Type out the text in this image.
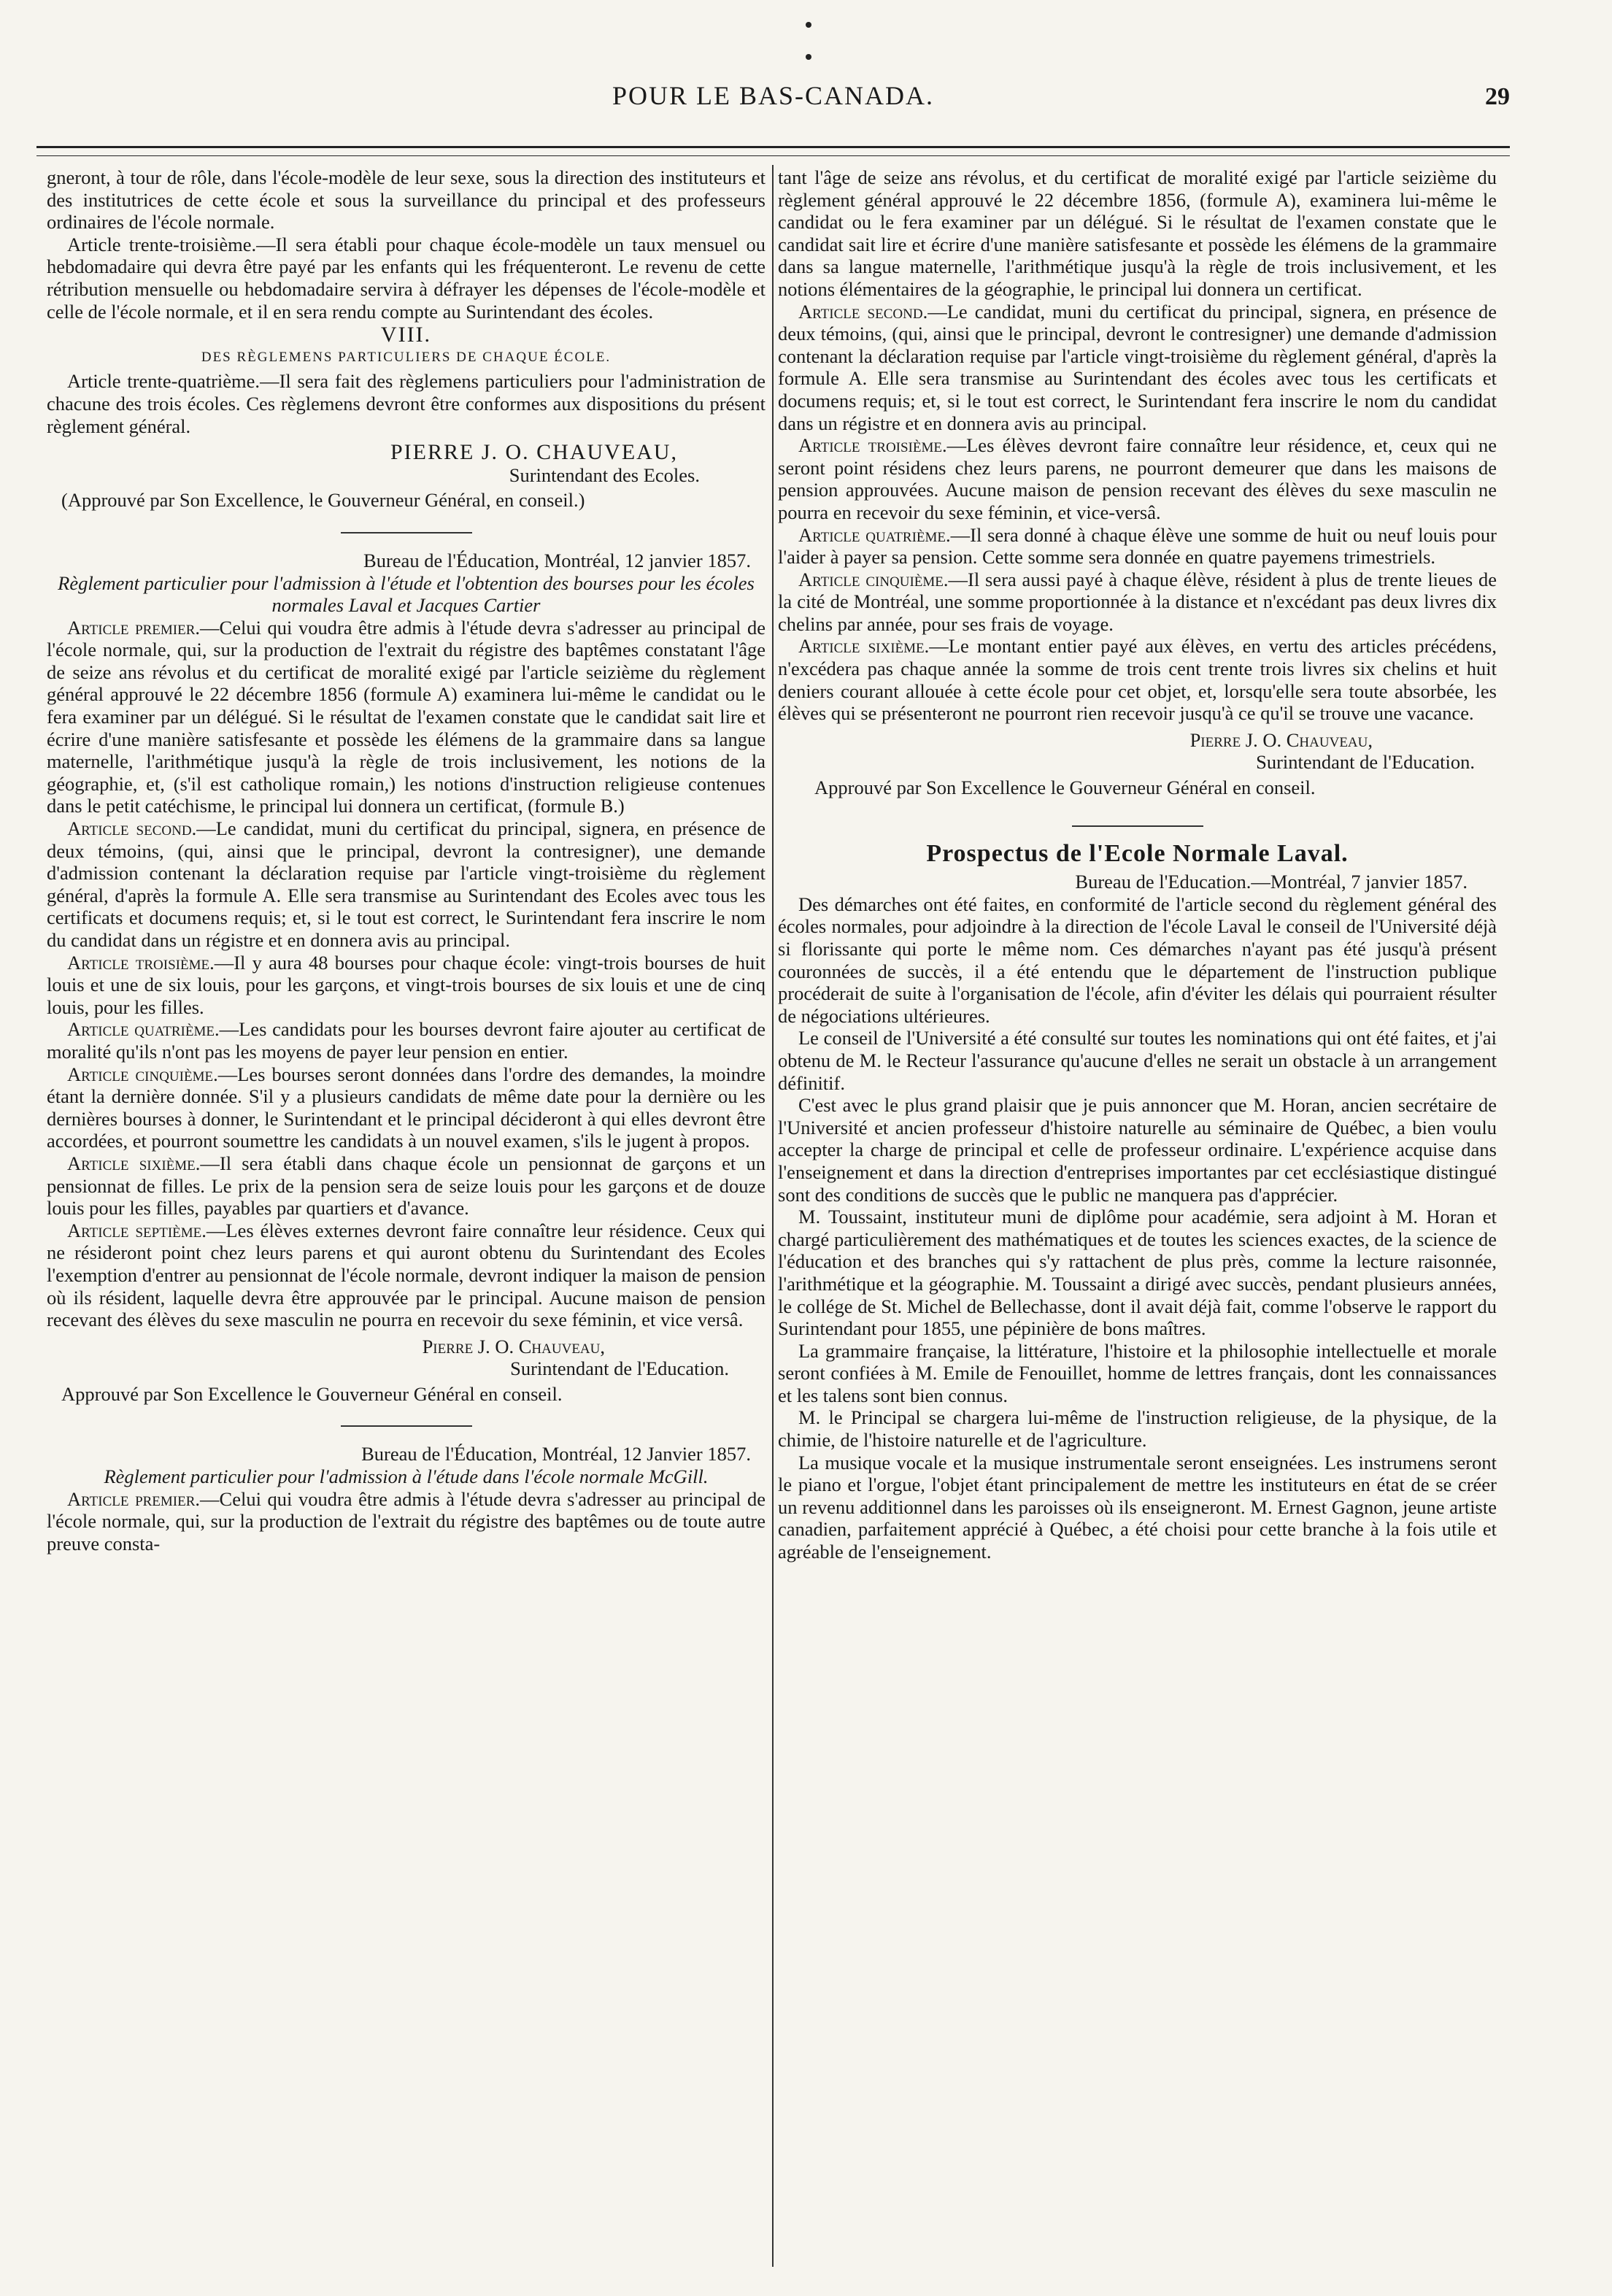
POUR LE BAS-CANADA.	29

gneront, à tour de rôle, dans l'école-modèle de leur sexe, sous la direction des instituteurs et des institutrices de cette école et sous la surveillance du principal et des professeurs ordinaires de l'école normale.

Article trente-troisième.—Il sera établi pour chaque école-modèle un taux mensuel ou hebdomadaire qui devra être payé par les enfants qui les fréquenteront. Le revenu de cette rétribution mensuelle ou hebdomadaire servira à défrayer les dépenses de l'école-modèle et celle de l'école normale, et il en sera rendu compte au Surintendant des écoles.

VIII.

DES RÈGLEMENS PARTICULIERS DE CHAQUE ÉCOLE.

Article trente-quatrième.—Il sera fait des règlemens particuliers pour l'administration de chacune des trois écoles. Ces règlemens devront être conformes aux dispositions du présent règlement général.

PIERRE J. O. CHAUVEAU,

Surintendant des Ecoles.

(Approuvé par Son Excellence, le Gouverneur Général, en conseil.)

Bureau de l'Éducation, Montréal, 12 janvier 1857.

Règlement particulier pour l'admission à l'étude et l'obtention des bourses pour les écoles normales Laval et Jacques Cartier

Article premier.—Celui qui voudra être admis à l'étude devra s'adresser au principal de l'école normale, qui, sur la production de l'extrait du régistre des baptêmes constatant l'âge de seize ans révolus et du certificat de moralité exigé par l'article seizième du règlement général approuvé le 22 décembre 1856 (formule A) examinera lui-même le candidat ou le fera examiner par un délégué. Si le résultat de l'examen constate que le candidat sait lire et écrire d'une manière satisfesante et possède les élémens de la grammaire dans sa langue maternelle, l'arithmétique jusqu'à la règle de trois inclusivement, les notions de la géographie, et, (s'il est catholique romain,) les notions d'instruction religieuse contenues dans le petit catéchisme, le principal lui donnera un certificat, (formule B.)

Article second.—Le candidat, muni du certificat du principal, signera, en présence de deux témoins, (qui, ainsi que le principal, devront la contresigner), une demande d'admission contenant la déclaration requise par l'article vingt-troisième du règlement général, d'après la formule A. Elle sera transmise au Surintendant des Ecoles avec tous les certificats et documens requis; et, si le tout est correct, le Surintendant fera inscrire le nom du candidat dans un régistre et en donnera avis au principal.

Article troisième.—Il y aura 48 bourses pour chaque école: vingt-trois bourses de huit louis et une de six louis, pour les garçons, et vingt-trois bourses de six louis et une de cinq louis, pour les filles.

Article quatrième.—Les candidats pour les bourses devront faire ajouter au certificat de moralité qu'ils n'ont pas les moyens de payer leur pension en entier.

Article cinquième.—Les bourses seront données dans l'ordre des demandes, la moindre étant la dernière donnée. S'il y a plusieurs candidats de même date pour la dernière ou les dernières bourses à donner, le Surintendant et le principal décideront à qui elles devront être accordées, et pourront soumettre les candidats à un nouvel examen, s'ils le jugent à propos.

Article sixième.—Il sera établi dans chaque école un pensionnat de garçons et un pensionnat de filles. Le prix de la pension sera de seize louis pour les garçons et de douze louis pour les filles, payables par quartiers et d'avance.

Article septième.—Les élèves externes devront faire connaître leur résidence. Ceux qui ne résideront point chez leurs parens et qui auront obtenu du Surintendant des Ecoles l'exemption d'entrer au pensionnat de l'école normale, devront indiquer la maison de pension où ils résident, laquelle devra être approuvée par le principal. Aucune maison de pension recevant des élèves du sexe masculin ne pourra en recevoir du sexe féminin, et vice versâ.

Pierre J. O. Chauveau,

Surintendant de l'Education.

Approuvé par Son Excellence le Gouverneur Général en conseil.

Bureau de l'Éducation, Montréal, 12 Janvier 1857.

Règlement particulier pour l'admission à l'étude dans l'école normale McGill.

Article premier.—Celui qui voudra être admis à l'étude devra s'adresser au principal de l'école normale, qui, sur la production de l'extrait du régistre des baptêmes ou de toute autre preuve consta-

tant l'âge de seize ans révolus, et du certificat de moralité exigé par l'article seizième du règlement général approuvé le 22 décembre 1856, (formule A), examinera lui-même le candidat ou le fera examiner par un délégué. Si le résultat de l'examen constate que le candidat sait lire et écrire d'une manière satisfesante et possède les élémens de la grammaire dans sa langue maternelle, l'arithmétique jusqu'à la règle de trois inclusivement, et les notions élémentaires de la géographie, le principal lui donnera un certificat.

Article second.—Le candidat, muni du certificat du principal, signera, en présence de deux témoins, (qui, ainsi que le principal, devront le contresigner) une demande d'admission contenant la déclaration requise par l'article vingt-troisième du règlement général, d'après la formule A. Elle sera transmise au Surintendant des écoles avec tous les certificats et documens requis; et, si le tout est correct, le Surintendant fera inscrire le nom du candidat dans un régistre et en donnera avis au principal.

Article troisième.—Les élèves devront faire connaître leur résidence, et, ceux qui ne seront point résidens chez leurs parens, ne pourront demeurer que dans les maisons de pension approuvées. Aucune maison de pension recevant des élèves du sexe masculin ne pourra en recevoir du sexe féminin, et vice-versâ.

Article quatrième.—Il sera donné à chaque élève une somme de huit ou neuf louis pour l'aider à payer sa pension. Cette somme sera donnée en quatre payemens trimestriels.

Article cinquième.—Il sera aussi payé à chaque élève, résident à plus de trente lieues de la cité de Montréal, une somme proportionnée à la distance et n'excédant pas deux livres dix chelins par année, pour ses frais de voyage.

Article sixième.—Le montant entier payé aux élèves, en vertu des articles précédens, n'excédera pas chaque année la somme de trois cent trente trois livres six chelins et huit deniers courant allouée à cette école pour cet objet, et, lorsqu'elle sera toute absorbée, les élèves qui se présenteront ne pourront rien recevoir jusqu'à ce qu'il se trouve une vacance.

Pierre J. O. Chauveau,

Surintendant de l'Education.

Approuvé par Son Excellence le Gouverneur Général en conseil.

Prospectus de l'Ecole Normale Laval.

Bureau de l'Education.—Montréal, 7 janvier 1857.

Des démarches ont été faites, en conformité de l'article second du règlement général des écoles normales, pour adjoindre à la direction de l'école Laval le conseil de l'Université déjà si florissante qui porte le même nom. Ces démarches n'ayant pas été jusqu'à présent couronnées de succès, il a été entendu que le département de l'instruction publique procéderait de suite à l'organisation de l'école, afin d'éviter les délais qui pourraient résulter de négociations ultérieures.

Le conseil de l'Université a été consulté sur toutes les nominations qui ont été faites, et j'ai obtenu de M. le Recteur l'assurance qu'aucune d'elles ne serait un obstacle à un arrangement définitif.

C'est avec le plus grand plaisir que je puis annoncer que M. Horan, ancien secrétaire de l'Université et ancien professeur d'histoire naturelle au séminaire de Québec, a bien voulu accepter la charge de principal et celle de professeur ordinaire. L'expérience acquise dans l'enseignement et dans la direction d'entreprises importantes par cet ecclésiastique distingué sont des conditions de succès que le public ne manquera pas d'apprécier.

M. Toussaint, instituteur muni de diplôme pour académie, sera adjoint à M. Horan et chargé particulièrement des mathématiques et de toutes les sciences exactes, de la science de l'éducation et des branches qui s'y rattachent de plus près, comme la lecture raisonnée, l'arithmétique et la géographie. M. Toussaint a dirigé avec succès, pendant plusieurs années, le collége de St. Michel de Bellechasse, dont il avait déjà fait, comme l'observe le rapport du Surintendant pour 1855, une pépinière de bons maîtres.

La grammaire française, la littérature, l'histoire et la philosophie intellectuelle et morale seront confiées à M. Emile de Fenouillet, homme de lettres français, dont les connaissances et les talens sont bien connus.

M. le Principal se chargera lui-même de l'instruction religieuse, de la physique, de la chimie, de l'histoire naturelle et de l'agriculture.

La musique vocale et la musique instrumentale seront enseignées. Les instrumens seront le piano et l'orgue, l'objet étant principalement de mettre les instituteurs en état de se créer un revenu additionnel dans les paroisses où ils enseigneront. M. Ernest Gagnon, jeune artiste canadien, parfaitement apprécié à Québec, a été choisi pour cette branche à la fois utile et agréable de l'enseignement.
